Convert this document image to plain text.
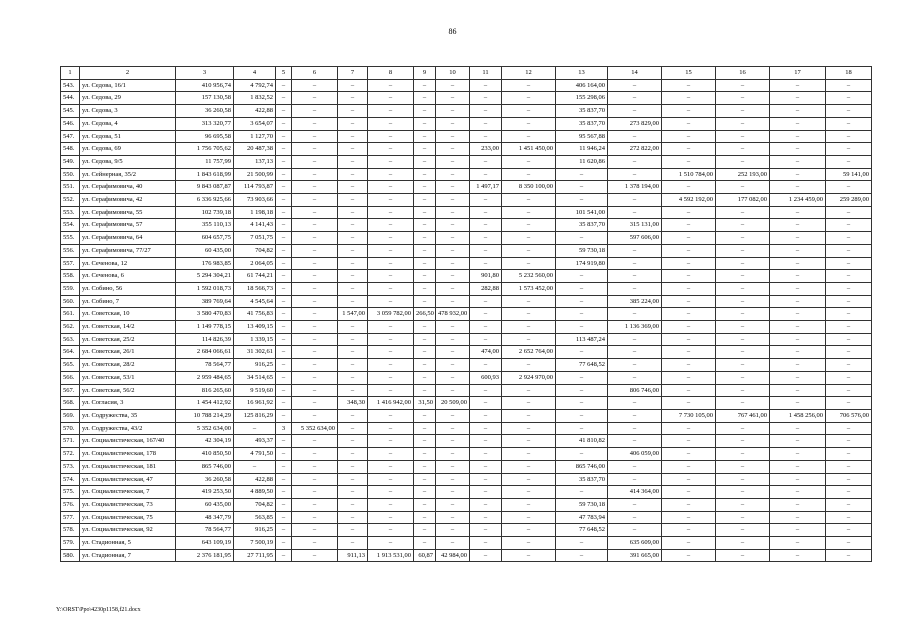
86
1	2	3	4	5	6	7	8	9	10	11	12	13	14	15	16	17	18
543.	ул. Седова, 16/1	410 956,74	4 792,74	–	–	–	–	–	–	–	–	406 164,00	–	–	–	–	–
544.	ул. Седова, 29	157 130,58	1 832,52	–	–	–	–	–	–	–	–	155 298,06	–	–	–	–	–
545.	ул. Седова, 3	36 260,58	422,88	–	–	–	–	–	–	–	–	35 837,70	–	–	–	–	–
546.	ул. Седова, 4	313 320,77	3 654,07	–	–	–	–	–	–	–	–	35 837,70	273 829,00	–	–	–	–
547.	ул. Седова, 51	96 695,58	1 127,70	–	–	–	–	–	–	–	–	95 567,88	–	–	–	–	–
548.	ул. Седова, 69	1 756 705,62	20 487,38	–	–	–	–	–	–	233,00	1 451 450,00	11 946,24	272 822,00	–	–	–	–
549.	ул. Седова, 9/5	11 757,99	137,13	–	–	–	–	–	–	–	–	11 620,86	–	–	–	–	–
550.	ул. Сейнерная, 35/2	1 843 618,99	21 500,99	–	–	–	–	–	–	–	–	–	–	1 510 784,00	252 193,00	–	59 141,00
551.	ул. Серафимовича, 40	9 843 087,87	114 793,87	–	–	–	–	–	–	1 497,17	8 350 100,00	–	1 378 194,00	–	–	–	–
552.	ул. Серафимовича, 42	6 336 925,66	73 903,66	–	–	–	–	–	–	–	–	–	–	4 592 192,00	177 082,00	1 234 459,00	259 289,00
553.	ул. Серафимовича, 55	102 739,18	1 198,18	–	–	–	–	–	–	–	–	101 541,00	–	–	–	–	–
554.	ул. Серафимовича, 57	355 110,13	4 141,43	–	–	–	–	–	–	–	–	35 837,70	315 131,00	–	–	–	–
555.	ул. Серафимовича, 64	604 657,75	7 051,75	–	–	–	–	–	–	–	–	–	597 606,00	–	–	–	–
556.	ул. Серафимовича, 77/27	60 435,00	704,82	–	–	–	–	–	–	–	–	59 730,18	–	–	–	–	–
557.	ул. Сеченова, 12	176 983,85	2 064,05	–	–	–	–	–	–	–	–	174 919,80	–	–	–	–	–
558.	ул. Сеченова, 6	5 294 304,21	61 744,21	–	–	–	–	–	–	901,80	5 232 560,00	–	–	–	–	–	–
559.	ул. Собино, 56	1 592 018,73	18 566,73	–	–	–	–	–	–	282,88	1 573 452,00	–	–	–	–	–	–
560.	ул. Собино, 7	389 769,64	4 545,64	–	–	–	–	–	–	–	–	–	385 224,00	–	–	–	–
561.	ул. Советская, 10	3 580 470,83	41 756,83	–	–	1 547,00	3 059 782,00	266,50	478 932,00	–	–	–	–	–	–	–	–
562.	ул. Советская, 14/2	1 149 778,15	13 409,15	–	–	–	–	–	–	–	–	–	1 136 369,00	–	–	–	–
563.	ул. Советская, 25/2	114 826,39	1 339,15	–	–	–	–	–	–	–	–	113 487,24	–	–	–	–	–
564.	ул. Советская, 26/1	2 684 066,61	31 302,61	–	–	–	–	–	–	474,00	2 652 764,00	–	–	–	–	–	–
565.	ул. Советская, 28/2	78 564,77	916,25	–	–	–	–	–	–	–	–	77 648,52	–	–	–	–	–
566.	ул. Советская, 53/1	2 959 484,65	34 514,65	–	–	–	–	–	–	600,93	2 924 970,00	–	–	–	–	–	–
567.	ул. Советская, 56/2	816 265,60	9 519,60	–	–	–	–	–	–	–	–	–	806 746,00	–	–	–	–
568.	ул. Согласия, 3	1 454 412,92	16 961,92	–	–	348,30	1 416 942,00	31,50	20 509,00	–	–	–	–	–	–	–	–
569.	ул. Содружества, 35	10 788 214,29	125 816,29	–	–	–	–	–	–	–	–	–	–	7 730 105,00	767 461,00	1 458 256,00	706 576,00
570.	ул. Содружества, 43/2	5 352 634,00	–	3	5 352 634,00	–	–	–	–	–	–	–	–	–	–	–	–
571.	ул. Социалистическая, 167/40	42 304,19	493,37	–	–	–	–	–	–	–	–	41 810,82	–	–	–	–	–
572.	ул. Социалистическая, 178	410 850,50	4 791,50	–	–	–	–	–	–	–	–	–	406 059,00	–	–	–	–
573.	ул. Социалистическая, 181	865 746,00	–	–	–	–	–	–	–	–	–	865 746,00	–	–	–	–	–
574.	ул. Социалистическая, 47	36 260,58	422,88	–	–	–	–	–	–	–	–	35 837,70	–	–	–	–	–
575.	ул. Социалистическая, 7	419 253,50	4 889,50	–	–	–	–	–	–	–	–	–	414 364,00	–	–	–	–
576.	ул. Социалистическая, 73	60 435,00	704,82	–	–	–	–	–	–	–	–	59 730,18	–	–	–	–	–
577.	ул. Социалистическая, 75	48 347,79	563,85	–	–	–	–	–	–	–	–	47 783,94	–	–	–	–	–
578.	ул. Социалистическая, 92	78 564,77	916,25	–	–	–	–	–	–	–	–	77 648,52	–	–	–	–	–
579.	ул. Стадионная, 5	643 109,19	7 500,19	–	–	–	–	–	–	–	–	–	635 609,00	–	–	–	–
580.	ул. Стадионная, 7	2 376 181,95	27 711,95	–	–	911,13	1 913 531,00	60,87	42 984,00	–	–	–	391 665,00	–	–	–	–
Y:\ORST\Ppo\4230p1158,f21.docx
